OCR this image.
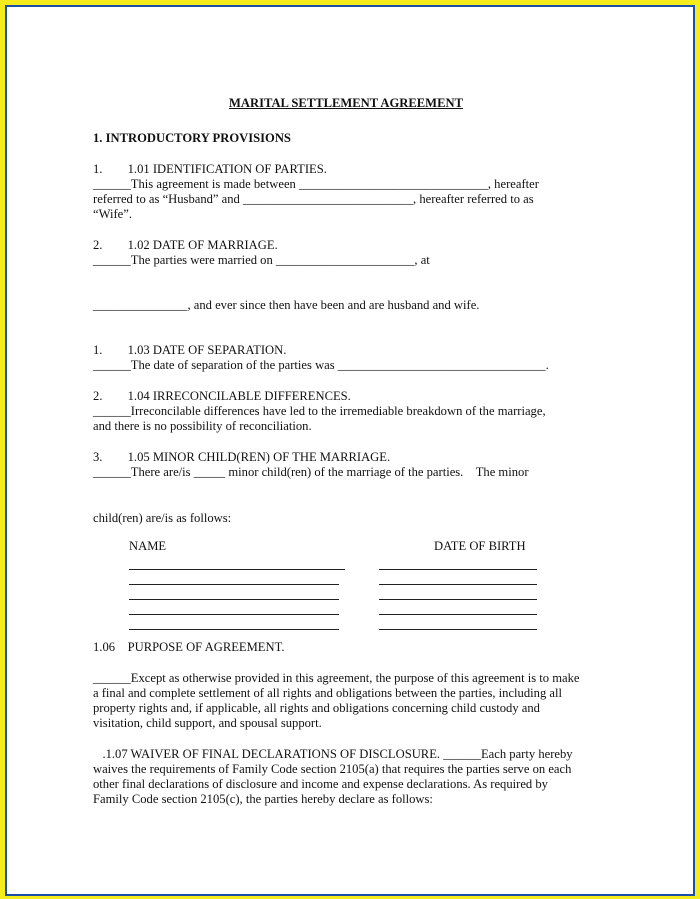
MARITAL SETTLEMENT AGREEMENT
1. INTRODUCTORY PROVISIONS
1.        1.01 IDENTIFICATION OF PARTIES.
______This agreement is made between ______________________________, hereafter
referred to as “Husband” and ___________________________, hereafter referred to as
“Wife”.
2.        1.02 DATE OF MARRIAGE.
______The parties were married on ______________________, at
_______________, and ever since then have been and are husband and wife.
1.        1.03 DATE OF SEPARATION.
______The date of separation of the parties was _________________________________.
2.        1.04 IRRECONCILABLE DIFFERENCES.
______Irreconcilable differences have led to the irremediable breakdown of the marriage,
and there is no possibility of reconciliation.
3.        1.05 MINOR CHILD(REN) OF THE MARRIAGE.
______There are/is _____ minor child(ren) of the marriage of the parties.    The minor
child(ren) are/is as follows:
NAME	DATE OF BIRTH
1.06    PURPOSE OF AGREEMENT.
______Except as otherwise provided in this agreement, the purpose of this agreement is to make
a final and complete settlement of all rights and obligations between the parties, including all
property rights and, if applicable, all rights and obligations concerning child custody and
visitation, child support, and spousal support.
.1.07 WAIVER OF FINAL DECLARATIONS OF DISCLOSURE. ______Each party hereby
waives the requirements of Family Code section 2105(a) that requires the parties serve on each
other final declarations of disclosure and income and expense declarations. As required by
Family Code section 2105(c), the parties hereby declare as follows:
